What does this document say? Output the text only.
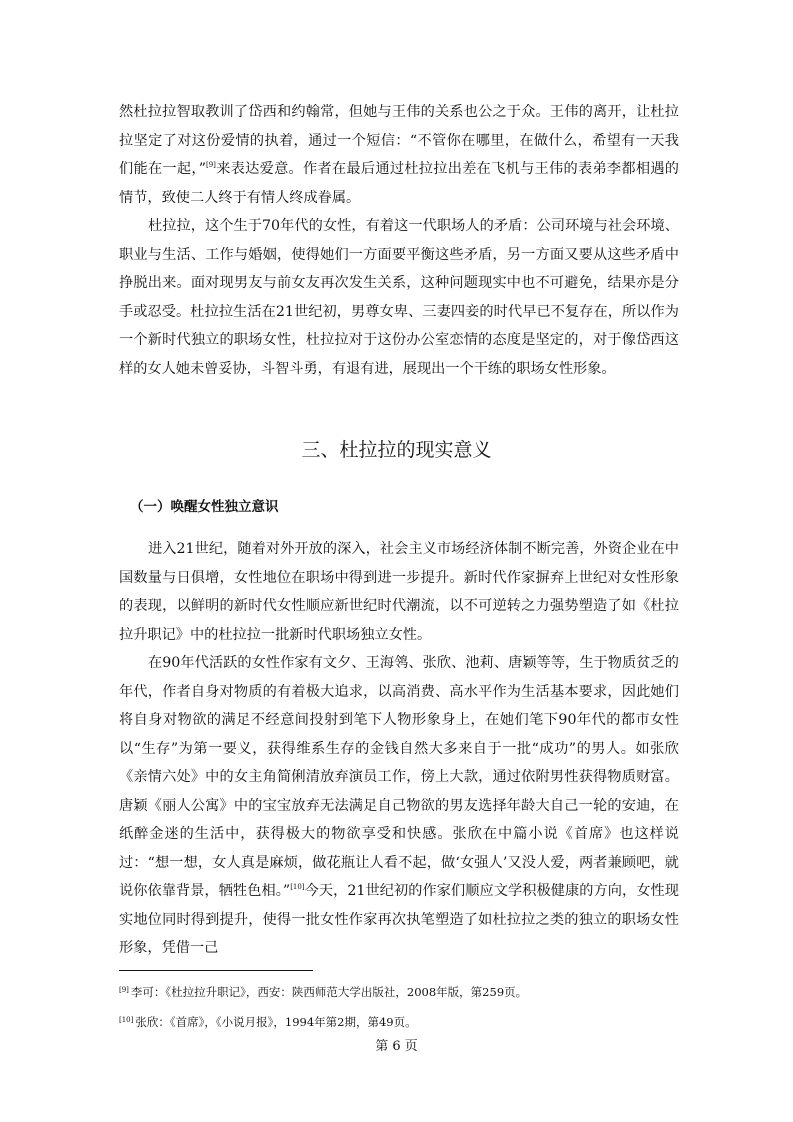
然杜拉拉智取教训了岱西和约翰常，但她与王伟的关系也公之于众。王伟的离开，让杜拉拉坚定了对这份爱情的执着，通过一个短信：“不管你在哪里，在做什么，希望有一天我们能在一起，”[9]来表达爱意。作者在最后通过杜拉拉出差在飞机与王伟的表弟李都相遇的情节，致使二人终于有情人终成眷属。

杜拉拉，这个生于70年代的女性，有着这一代职场人的矛盾：公司环境与社会环境、职业与生活、工作与婚姻，使得她们一方面要平衡这些矛盾，另一方面又要从这些矛盾中挣脱出来。面对现男友与前女友再次发生关系，这种问题现实中也不可避免，结果亦是分手或忍受。杜拉拉生活在21世纪初，男尊女卑、三妻四妾的时代早已不复存在，所以作为一个新时代独立的职场女性，杜拉拉对于这份办公室恋情的态度是坚定的，对于像岱西这样的女人她未曾妥协，斗智斗勇，有退有进，展现出一个干练的职场女性形象。

三、杜拉拉的现实意义
（一）唤醒女性独立意识

进入21世纪，随着对外开放的深入，社会主义市场经济体制不断完善，外资企业在中国数量与日俱增，女性地位在职场中得到进一步提升。新时代作家摒弃上世纪对女性形象的表现，以鲜明的新时代女性顺应新世纪时代潮流，以不可逆转之力强势塑造了如《杜拉拉升职记》中的杜拉拉一批新时代职场独立女性。

在90年代活跃的女性作家有文夕、王海鸰、张欣、池莉、唐颖等等，生于物质贫乏的年代，作者自身对物质的有着极大追求，以高消费、高水平作为生活基本要求，因此她们将自身对物欲的满足不经意间投射到笔下人物形象身上，在她们笔下90年代的都市女性以“生存”为第一要义，获得维系生存的金钱自然大多来自于一批“成功”的男人。如张欣《亲情六处》中的女主角简俐清放弃演员工作，傍上大款，通过依附男性获得物质财富。唐颖《丽人公寓》中的宝宝放弃无法满足自己物欲的男友选择年龄大自己一轮的安迪，在纸醉金迷的生活中，获得极大的物欲享受和快感。张欣在中篇小说《首席》也这样说过：“想一想，女人真是麻烦，做花瓶让人看不起，做‘女强人’又没人爱，两者兼顾吧，就说你依靠背景，牺牲色相。”[10]今天，21世纪初的作家们顺应文学积极健康的方向，女性现实地位同时得到提升，使得一批女性作家再次执笔塑造了如杜拉拉之类的独立的职场女性形象，凭借一己

[9] 李可：《杜拉拉升职记》，西安：陕西师范大学出版社，2008年版，第259页。

[10] 张欣：《首席》，《小说月报》，1994年第2期，第49页。

第 6 页
